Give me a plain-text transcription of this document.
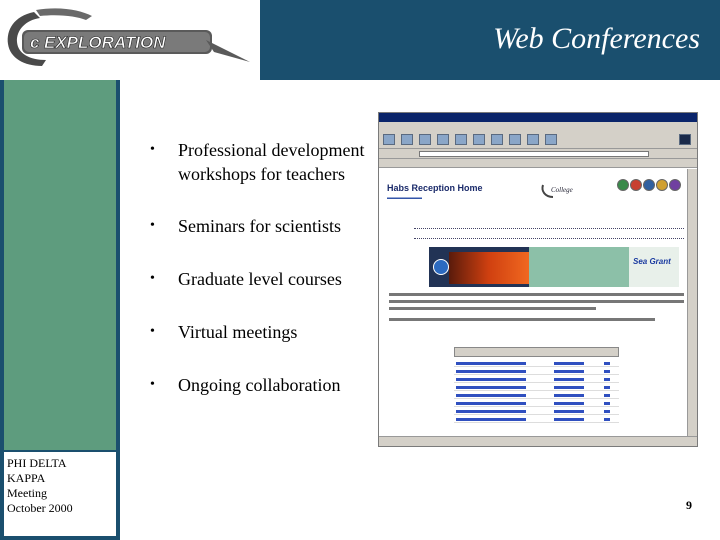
c EXPLORATION	Web Conferences
PHI DELTA
KAPPA
Meeting
October 2000
• Professional development
workshops for teachers
• Seminars for scientists
• Graduate level courses
• Virtual meetings
• Ongoing collaboration
Habs Reception Home
▬▬▬▬▬▬▬
College
Sea Grant
9
